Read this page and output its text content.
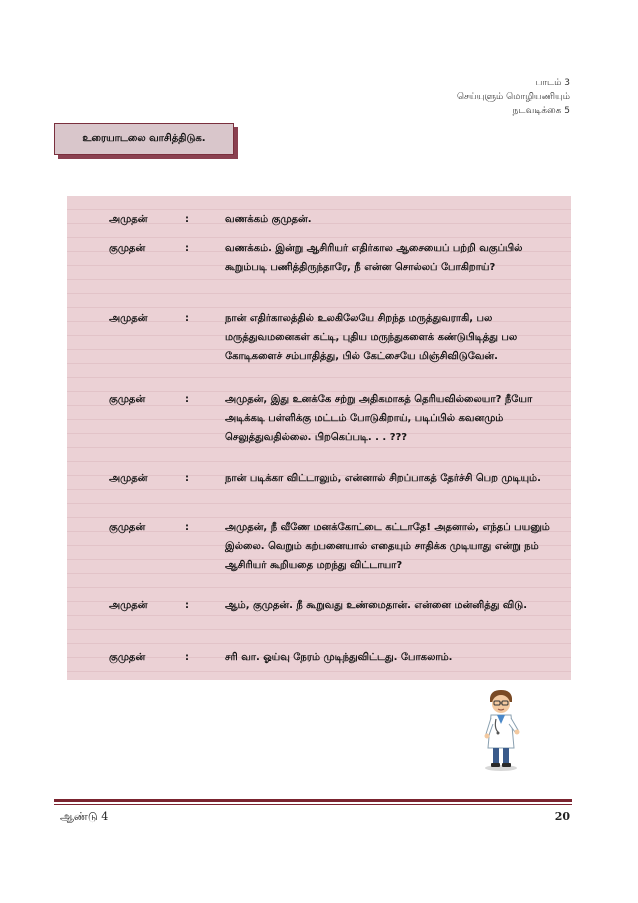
பாடம் 3
செய்யுளும் மொழியணியும்
நடவடிக்கை 5
உரையாடலை வாசித்திடுக.
அமுதன்	:	வணக்கம் குமுதன்.
குமுதன்	:	வணக்கம். இன்று ஆசிரியர் எதிர்கால ஆசையைப் பற்றி வகுப்பில் கூறும்படி பணித்திருந்தாரே, நீ என்ன சொல்லப் போகிறாய்?
அமுதன்	:	நான் எதிர்காலத்தில் உலகிலேயே சிறந்த மருத்துவராகி, பல மருத்துவமனைகள் கட்டி, புதிய மருந்துகளைக் கண்டுபிடித்து பல கோடிகளைச் சம்பாதித்து, பில் கேட்சையே மிஞ்சிவிடுவேன்.
குமுதன்	:	அமுதன், இது உனக்கே சற்று அதிகமாகத் தெரியவில்லையா? நீயோ அடிக்கடி பள்ளிக்கு மட்டம் போடுகிறாய், படிப்பில் கவனமும் செலுத்துவதில்லை. பிறகெப்படி. . . ???
அமுதன்	:	நான் படிக்கா விட்டாலும், என்னால் சிறப்பாகத் தேர்ச்சி பெற முடியும்.
குமுதன்	:	அமுதன், நீ வீணே மனக்கோட்டை கட்டாதே! அதனால், எந்தப் பயனும் இல்லை. வெறும் கற்பனையால் எதையும் சாதிக்க முடியாது என்று நம் ஆசிரியர் கூறியதை மறந்து விட்டாயா?
அமுதன்	:	ஆம், குமுதன். நீ கூறுவது உண்மைதான். என்னை மன்னித்து விடு.
குமுதன்	:	சரி வா. ஓய்வு நேரம் முடிந்துவிட்டது. போகலாம்.
ஆண்டு 4	20
